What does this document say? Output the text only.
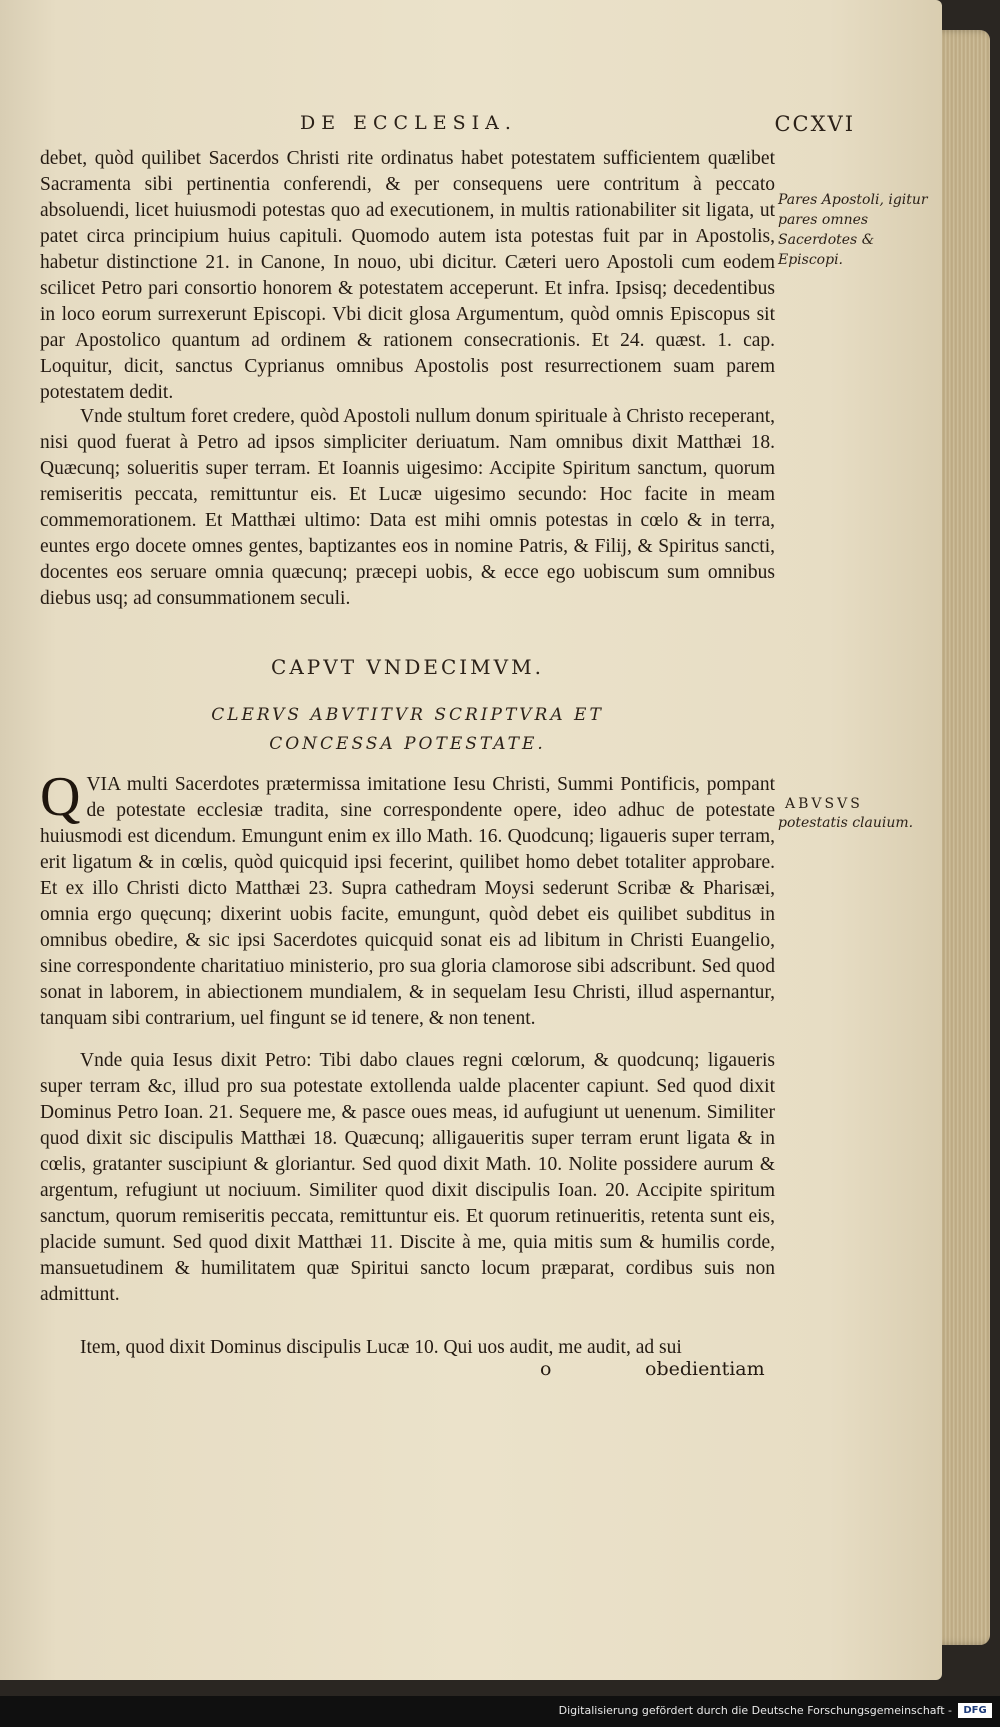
DE ECCLESIA.	CCXVI

debet, quòd quilibet Sacerdos Christi rite ordinatus habet potestatem sufficientem quælibet Sacramenta sibi pertinentia conferendi, & per consequens uere contritum à peccato absoluendi, licet huiusmodi potestas quo ad executionem, in multis rationabiliter sit ligata, ut patet circa principium huius capituli. Quomodo autem ista potestas fuit par in Apostolis, habetur distinctione 21. in Canone, In nouo, ubi dicitur. Cæteri uero Apostoli cum eodem scilicet Petro pari consortio honorem & potestatem acceperunt. Et infra. Ipsisq; decedentibus in loco eorum surrexerunt Episcopi. Vbi dicit glosa Argumentum, quòd omnis Episcopus sit par Apostolico quantum ad ordinem & rationem consecrationis. Et 24. quæst. 1. cap. Loquitur, dicit, sanctus Cyprianus omnibus Apostolis post resurrectionem suam parem potestatem dedit.

Vnde stultum foret credere, quòd Apostoli nullum donum spirituale à Christo receperant, nisi quod fuerat à Petro ad ipsos simpliciter deriuatum. Nam omnibus dixit Matthæi 18. Quæcunq; solueritis super terram. Et Ioannis uigesimo: Accipite Spiritum sanctum, quorum remiseritis peccata, remittuntur eis. Et Lucæ uigesimo secundo: Hoc facite in meam commemorationem. Et Matthæi ultimo: Data est mihi omnis potestas in cœlo & in terra, euntes ergo docete omnes gentes, baptizantes eos in nomine Patris, & Filij, & Spiritus sancti, docentes eos seruare omnia quæcunq; præcepi uobis, & ecce ego uobiscum sum omnibus diebus usq; ad consummationem seculi.

CAPVT VNDECIMVM.

CLERVS ABVTITVR SCRIPTVRA ET

CONCESSA POTESTATE.

QVIA multi Sacerdotes prætermissa imitatione Iesu Christi, Summi Pontificis, pompant de potestate ecclesiæ tradita, sine correspondente opere, ideo adhuc de potestate huiusmodi est dicendum. Emungunt enim ex illo Math. 16. Quodcunq; ligaueris super terram, erit ligatum & in cœlis, quòd quicquid ipsi fecerint, quilibet homo debet totaliter approbare. Et ex illo Christi dicto Matthæi 23. Supra cathedram Moysi sederunt Scribæ & Pharisæi, omnia ergo quęcunq; dixerint uobis facite, emungunt, quòd debet eis quilibet subditus in omnibus obedire, & sic ipsi Sacerdotes quicquid sonat eis ad libitum in Christi Euangelio, sine correspondente charitatiuo ministerio, pro sua gloria clamorose sibi adscribunt. Sed quod sonat in laborem, in abiectionem mundialem, & in sequelam Iesu Christi, illud aspernantur, tanquam sibi contrarium, uel fingunt se id tenere, & non tenent.

Vnde quia Iesus dixit Petro: Tibi dabo claues regni cœlorum, & quodcunq; ligaueris super terram &c, illud pro sua potestate extollenda ualde placenter capiunt. Sed quod dixit Dominus Petro Ioan. 21. Sequere me, & pasce oues meas, id aufugiunt ut uenenum. Similiter quod dixit sic discipulis Matthæi 18. Quæcunq; alligaueritis super terram erunt ligata & in cœlis, gratanter suscipiunt & gloriantur. Sed quod dixit Math. 10. Nolite possidere aurum & argentum, refugiunt ut nociuum. Similiter quod dixit discipulis Ioan. 20. Accipite spiritum sanctum, quorum remiseritis peccata, remittuntur eis. Et quorum retinueritis, retenta sunt eis, placide sumunt. Sed quod dixit Matthæi 11. Discite à me, quia mitis sum & humilis corde, mansuetudinem & humilitatem quæ Spiritui sancto locum præparat, cordibus suis non admittunt.

Item, quod dixit Dominus discipulis Lucæ 10. Qui uos audit, me audit, ad sui

o	obedientiam

Pares Apostoli, igitur pares omnes Sacerdotes & Episcopi.

ABVSVS
potestatis clauium.
Digitalisierung gefördert durch die Deutsche Forschungsgemeinschaft -	DFG
